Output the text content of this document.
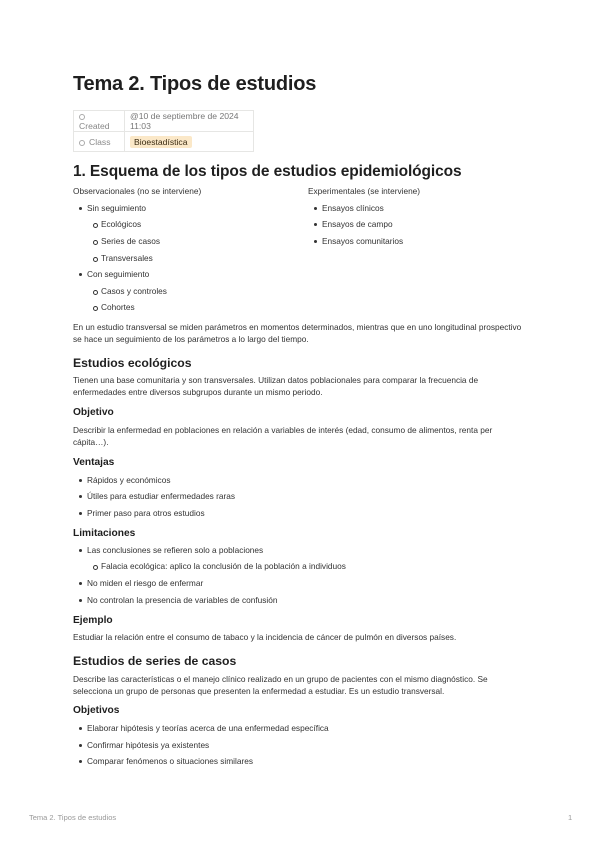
Tema 2. Tipos de estudios
Created	@10 de septiembre de 2024 11:03
Class	Bioestadística
1. Esquema de los tipos de estudios epidemiológicos
Observacionales (no se interviene)
Sin seguimiento
Ecológicos
Series de casos
Transversales
Con seguimiento
Casos y controles
Cohortes
Experimentales (se interviene)
Ensayos clínicos
Ensayos de campo
Ensayos comunitarios

En un estudio transversal se miden parámetros en momentos determinados, mientras que en uno longitudinal prospectivo se hace un seguimiento de los parámetros a lo largo del tiempo.

Estudios ecológicos

Tienen una base comunitaria y son transversales. Utilizan datos poblacionales para comparar la frecuencia de enfermedades entre diversos subgrupos durante un mismo periodo.

Objetivo

Describir la enfermedad en poblaciones en relación a variables de interés (edad, consumo de alimentos, renta per cápita…).

Ventajas
Rápidos y económicos
Útiles para estudiar enfermedades raras
Primer paso para otros estudios
Limitaciones
Las conclusiones se refieren solo a poblaciones
Falacia ecológica: aplico la conclusión de la población a individuos
No miden el riesgo de enfermar
No controlan la presencia de variables de confusión
Ejemplo

Estudiar la relación entre el consumo de tabaco y la incidencia de cáncer de pulmón en diversos países.

Estudios de series de casos

Describe las características o el manejo clínico realizado en un grupo de pacientes con el mismo diagnóstico. Se selecciona un grupo de personas que presenten la enfermedad a estudiar. Es un estudio transversal.

Objetivos
Elaborar hipótesis y teorías acerca de una enfermedad específica
Confirmar hipótesis ya existentes
Comparar fenómenos o situaciones similares
Tema 2. Tipos de estudios	1
